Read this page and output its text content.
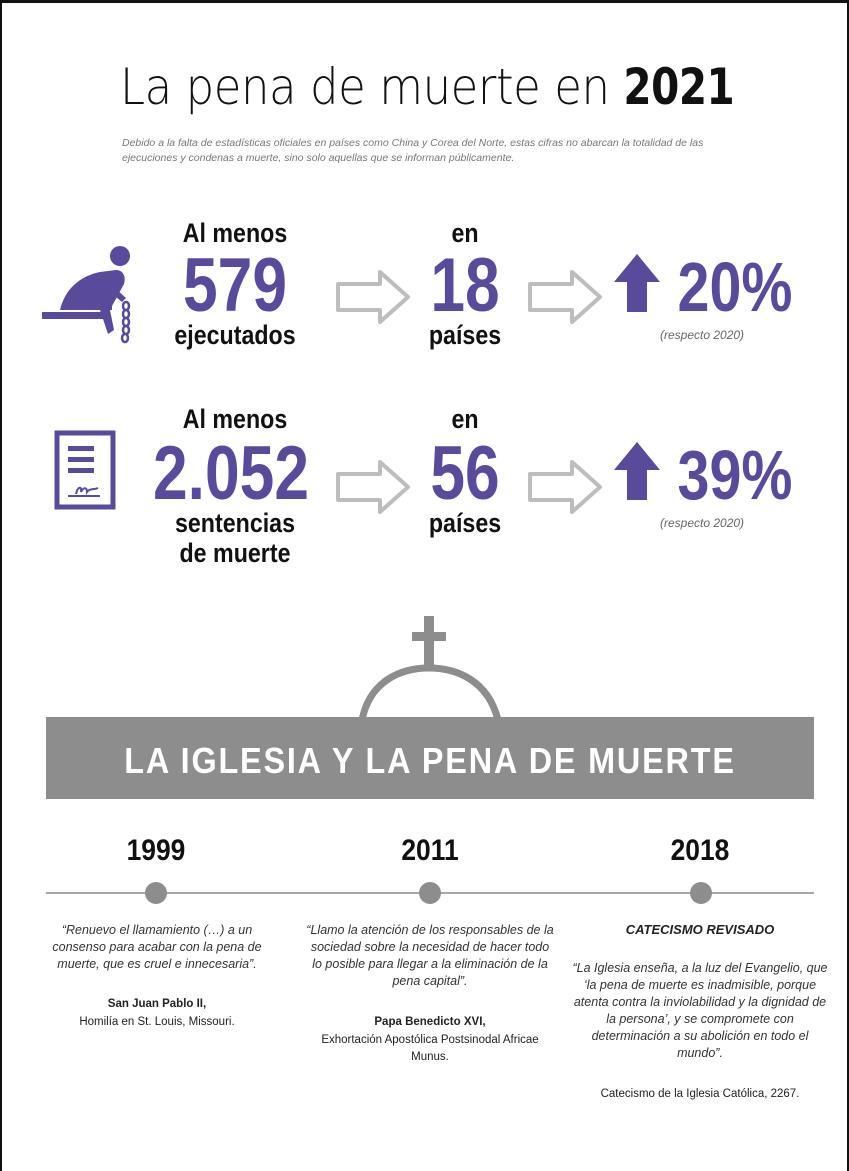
La pena de muerte en 2021
Debido a la falta de estadísticas oficiales en países como China y Corea del Norte, estas cifras no abarcan la totalidad de las ejecuciones y condenas a muerte, sino solo aquellas que se informan públicamente.
Al menos
579
ejecutados
en
18
países
20%
(respecto 2020)
Al menos
2.052
sentencias
de muerte
en
56
países
39%
(respecto 2020)
LA IGLESIA Y LA PENA DE MUERTE
1999	2011	2018
“Renuevo el llamamiento (…) a un consenso para acabar con la pena de muerte, que es cruel e innecesaria”.
San Juan Pablo II,
Homilía en St. Louis, Missouri.
“Llamo la atención de los responsables de la sociedad sobre la necesidad de hacer todo lo posible para llegar a la eliminación de la pena capital”.
Papa Benedicto XVI,
Exhortación Apostólica Postsinodal Africae Munus.
CATECISMO REVISADO
“La Iglesia enseña, a la luz del Evangelio, que ‘la pena de muerte es inadmisible, porque atenta contra la inviolabilidad y la dignidad de la persona’, y se compromete con determinación a su abolición en todo el mundo”.
Catecismo de la Iglesia Católica, 2267.
